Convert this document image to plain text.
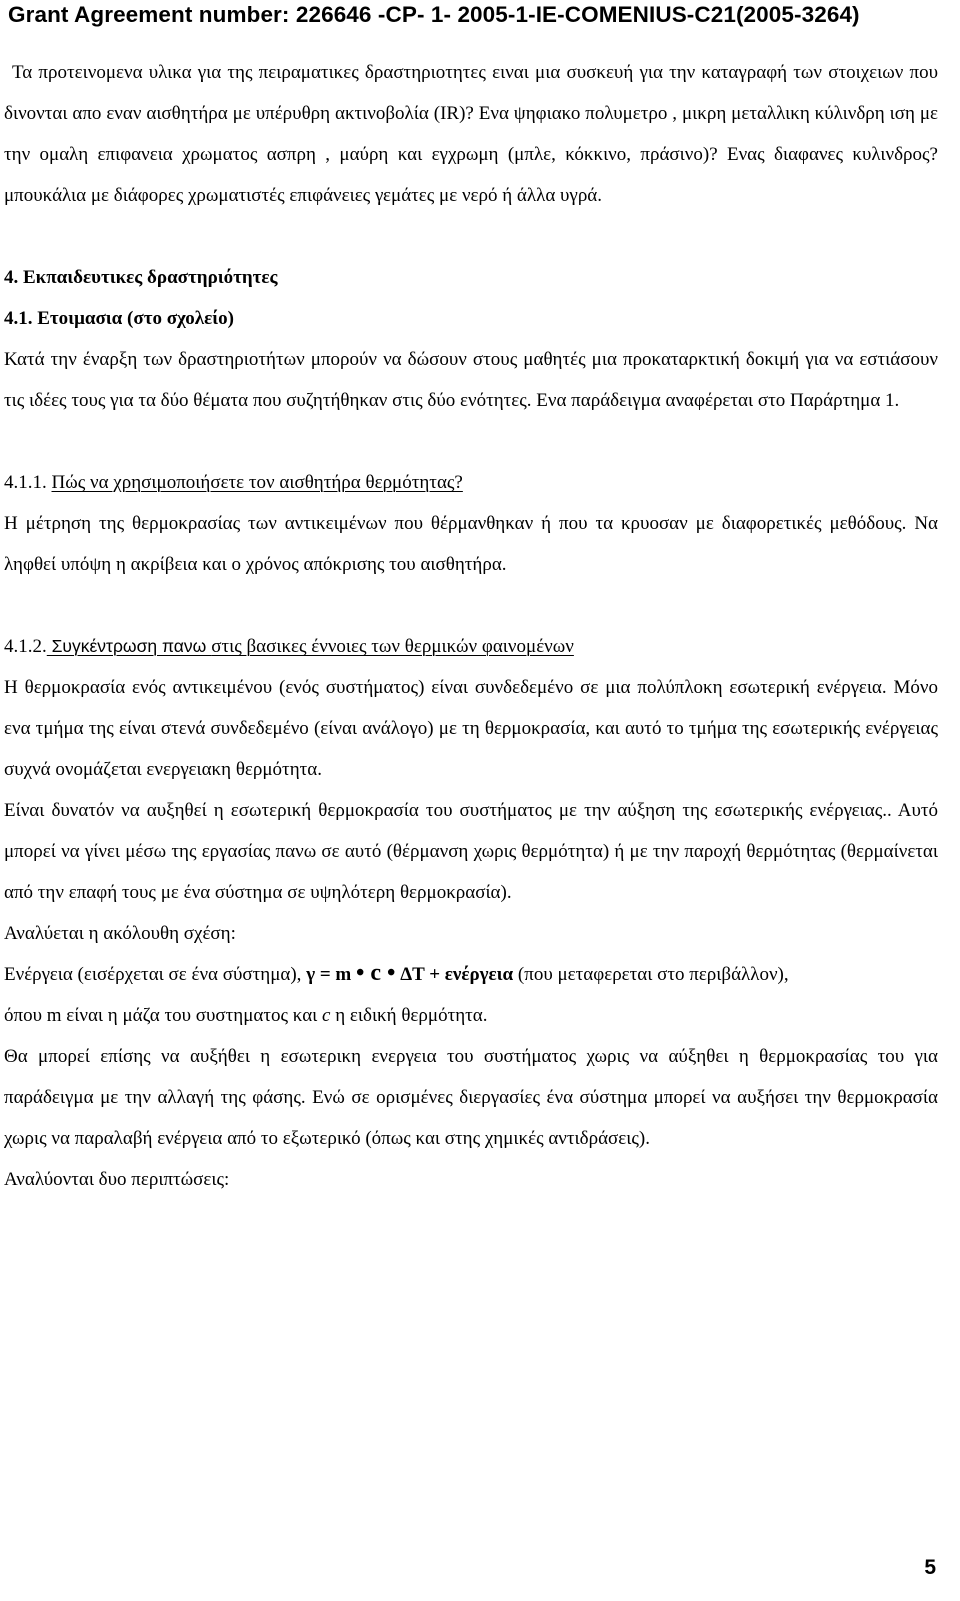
Grant Agreement number: 226646 -CP- 1- 2005-1-IE-COMENIUS-C21(2005-3264)

Τα προτεινομενα υλικα για της πειραματικες δραστηριοτητες ειναι μια συσκευή για την καταγραφή των στοιχειων που δινονται απο εναν αισθητήρα με υπέρυθρη ακτινοβολία (IR)? Ενα ψηφιακο πολυμετρο , μικρη μεταλλικη κύλινδρη ιση με την ομαλη επιφανεια χρωματος ασπρη , μαύρη και εγχρωμη (μπλε, κόκκινο, πράσινο)? Ενας διαφανες κυλινδρος? μπουκάλια με διάφορες χρωματιστές επιφάνειες γεμάτες με νερό ή άλλα υγρά.

4. Εκπαιδευτικες δραστηριότητες

4.1. Ετοιμασια (στο σχολείο)

Κατά την έναρξη των δραστηριοτήτων μπορούν να δώσουν στους μαθητές μια προκαταρκτική δοκιμή για να εστιάσουν τις ιδέες τους για τα δύο θέματα που συζητήθηκαν στις δύο ενότητες. Ενα παράδειγμα αναφέρεται στο Παράρτημα 1.

4.1.1. Πώς να χρησιμοποιήσετε τον αισθητήρα θερμότητας?

Η μέτρηση της θερμοκρασίας των αντικειμένων που θέρμανθηκαν ή που τα κρυοσαν με διαφορετικές μεθόδους. Να ληφθεί υπόψη η ακρίβεια και ο χρόνος απόκρισης του αισθητήρα.

4.1.2. Συγκέντρωση πανω στις βασικες έννοιες των θερμικών φαινομένων

Η θερμοκρασία ενός αντικειμένου (ενός συστήματος) είναι συνδεδεμένο σε μια πολύπλοκη εσωτερική ενέργεια. Μόνο ενα τμήμα της είναι στενά συνδεδεμένο (είναι ανάλογο) με τη θερμοκρασία, και αυτό το τμήμα της εσωτερικής ενέργειας συχνά ονομάζεται ενεργειακη θερμότητα.

Είναι δυνατόν να αυξηθεί η εσωτερική θερμοκρασία του συστήματος με την αύξηση της εσωτερικής ενέργειας.. Αυτό μπορεί να γίνει μέσω της εργασίας πανω σε αυτό (θέρμανση χωρις θερμότητα) ή με την παροχή θερμότητας (θερμαίνεται από την επαφή τους με ένα σύστημα σε υψηλότερη θερμοκρασία).

Αναλύεται η ακόλουθη σχέση:

Ενέργεια (εισέρχεται σε ένα σύστημα), γ = m • c • ΔT + ενέργεια (που μεταφερεται στο περιβάλλον),

όπου m είναι η μάζα του συστηματος και c η ειδική θερμότητα.

Θα μπορεί επίσης να αυξήθει η εσωτερικη ενεργεια του συστήματος χωρις να αύξηθει η θερμοκρασίας του για παράδειγμα με την αλλαγή της φάσης. Ενώ σε ορισμένες διεργασίες ένα σύστημα μπορεί να αυξήσει την θερμοκρασία χωρις να παραλαβή ενέργεια από το εξωτερικό (όπως και στης χημικές αντιδράσεις).

Αναλύονται δυο περιπτώσεις:

5
